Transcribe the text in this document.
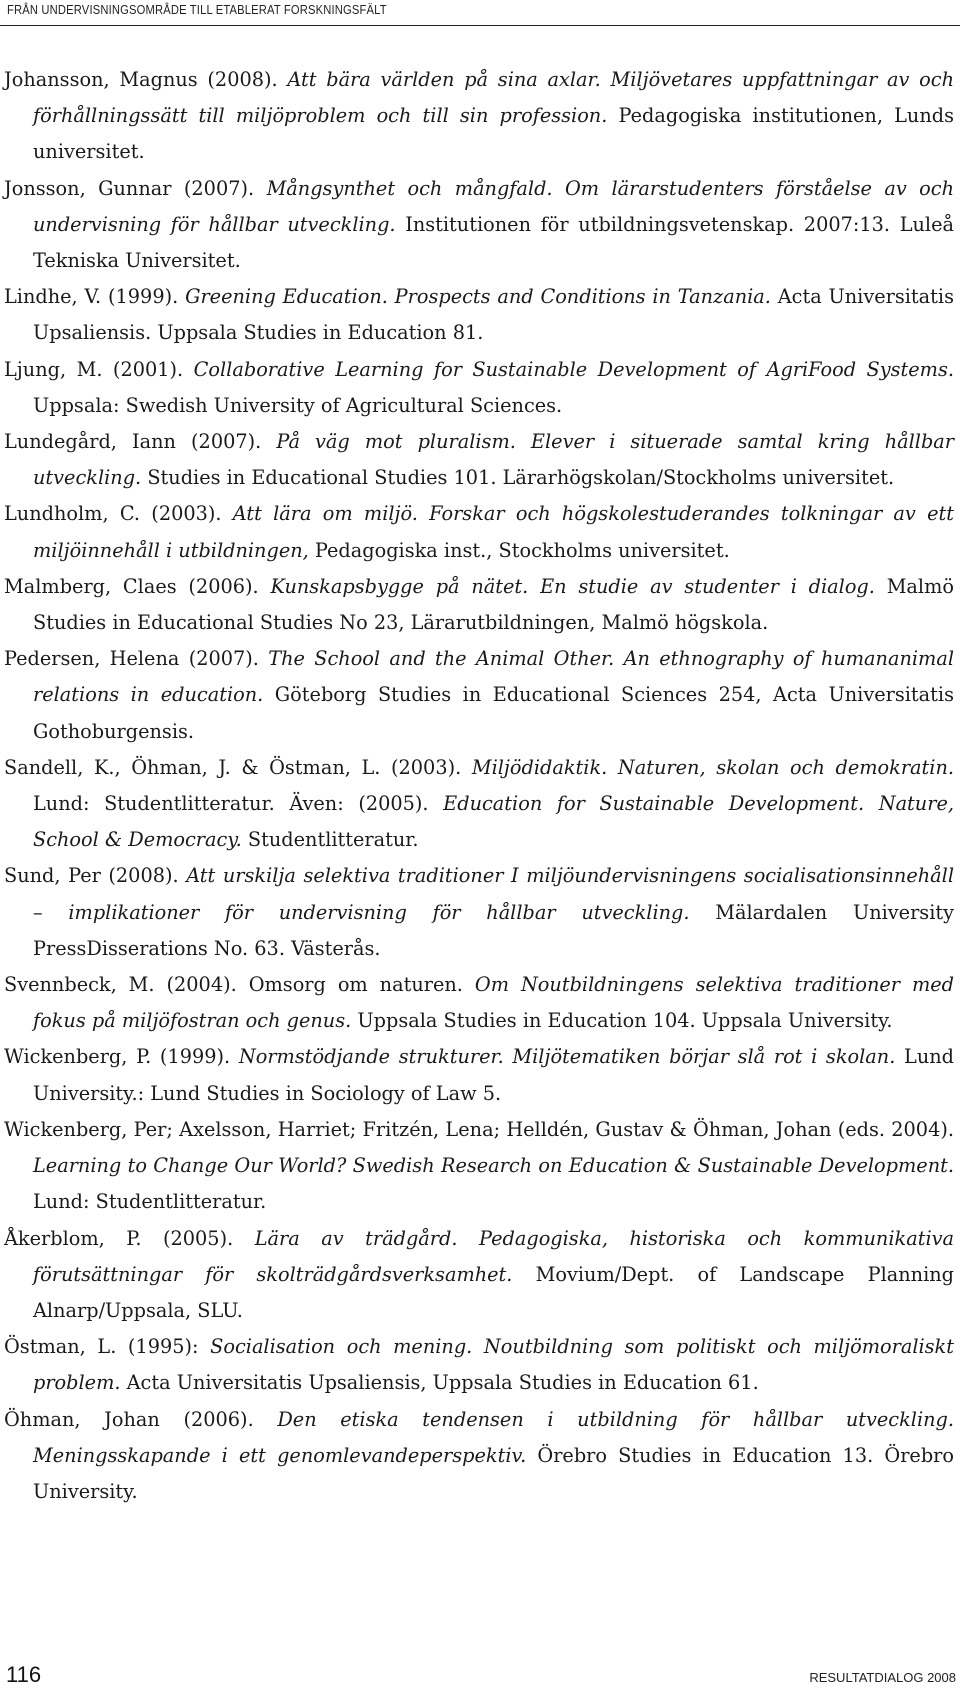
FRÅN UNDERVISNINGSOMRÅDE TILL ETABLERAT FORSKNINGSFÄLT

Johansson, Magnus (2008). Att bära världen på sina axlar. Miljövetares uppfattningar av och förhållningssätt till miljöproblem och till sin profession. Pedagogiska institutionen, Lunds universitet.

Jonsson, Gunnar (2007). Mångsynthet och mångfald. Om lärarstudenters förståelse av och undervisning för hållbar utveckling. Institutionen för utbildningsvetenskap. 2007:13. Luleå Tekniska Universitet.

Lindhe, V. (1999). Greening Education. Prospects and Conditions in Tanzania. Acta Universitatis Upsaliensis. Uppsala Studies in Education 81.

Ljung, M. (2001). Collaborative Learning for Sustainable Development of AgriFood Systems. Uppsala: Swedish University of Agricultural Sciences.

Lundegård, Iann (2007). På väg mot pluralism. Elever i situerade samtal kring hållbar utveckling. Studies in Educational Studies 101. Lärarhögskolan/Stockholms universitet.

Lundholm, C. (2003). Att lära om miljö. Forskar och högskolestuderandes tolkningar av ett miljöinnehåll i utbildningen, Pedagogiska inst., Stockholms universitet.

Malmberg, Claes (2006). Kunskapsbygge på nätet. En studie av studenter i dialog. Malmö Studies in Educational Studies No 23, Lärarutbildningen, Malmö högskola.

Pedersen, Helena (2007). The School and the Animal Other. An ethnography of humananimal relations in education. Göteborg Studies in Educational Sciences 254, Acta Universitatis Gothoburgensis.

Sandell, K., Öhman, J. & Östman, L. (2003). Miljödidaktik. Naturen, skolan och demokratin. Lund: Studentlitteratur. Även: (2005). Education for Sustainable Development. Nature, School & Democracy. Studentlitteratur.

Sund, Per (2008). Att urskilja selektiva traditioner I miljöundervisningens socialisationsinnehåll – implikationer för undervisning för hållbar utveckling. Mälardalen University PressDisserations No. 63. Västerås.

Svennbeck, M. (2004). Omsorg om naturen. Om Noutbildningens selektiva traditioner med fokus på miljöfostran och genus. Uppsala Studies in Education 104. Uppsala University.

Wickenberg, P. (1999). Normstödjande strukturer. Miljötematiken börjar slå rot i skolan. Lund University.: Lund Studies in Sociology of Law 5.

Wickenberg, Per; Axelsson, Harriet; Fritzén, Lena; Helldén, Gustav & Öhman, Johan (eds. 2004). Learning to Change Our World? Swedish Research on Education & Sustainable Development. Lund: Studentlitteratur.

Åkerblom, P. (2005). Lära av trädgård. Pedagogiska, historiska och kommunikativa förutsättningar för skolträdgårdsverksamhet. Movium/Dept. of Landscape Planning Alnarp/Uppsala, SLU.

Östman, L. (1995): Socialisation och mening. Noutbildning som politiskt och miljömoraliskt problem. Acta Universitatis Upsaliensis, Uppsala Studies in Education 61.

Öhman, Johan (2006). Den etiska tendensen i utbildning för hållbar utveckling. Meningsskapande i ett genomlevandeperspektiv. Örebro Studies in Education 13. Örebro University.

116	RESULTATDIALOG 2008
